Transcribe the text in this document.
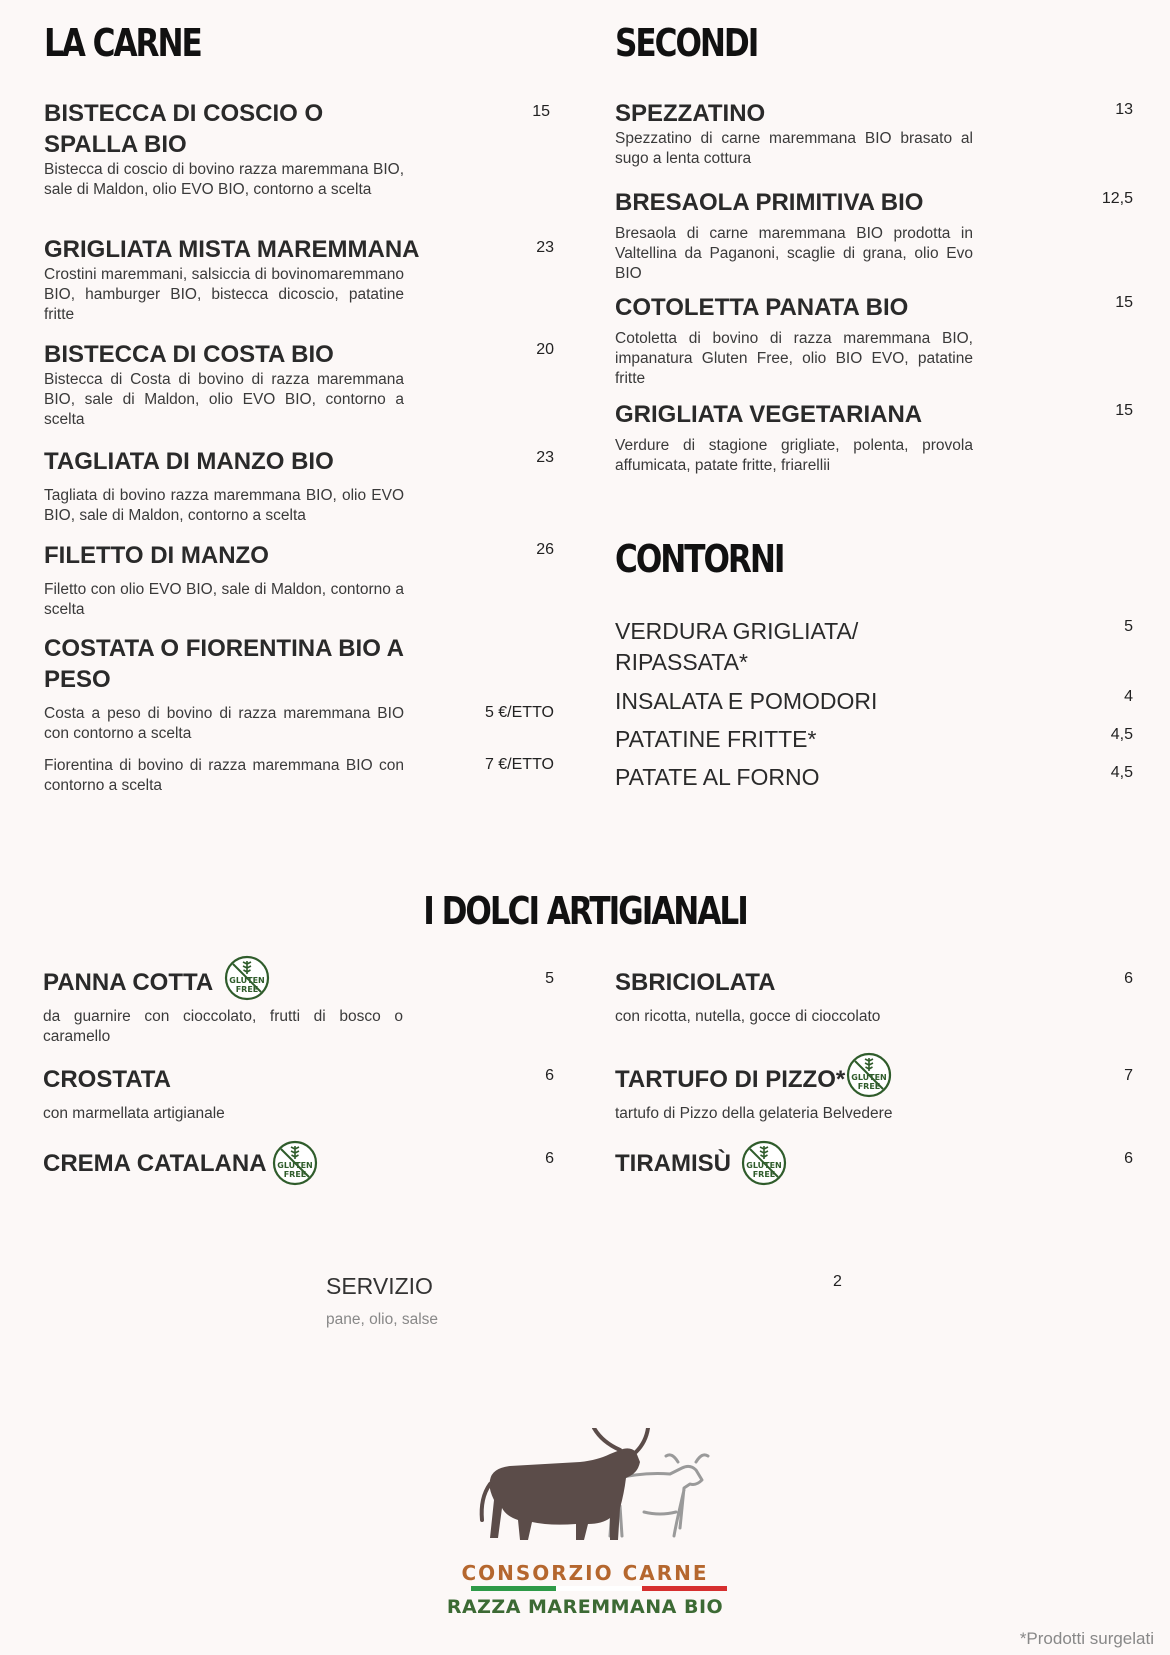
LA CARNE
BISTECCA DI COSCIO O SPALLA BIO
Bistecca di coscio di bovino razza maremmana BIO, sale di Maldon, olio EVO BIO, contorno a scelta
15
GRIGLIATA MISTA MAREMMANA
Crostini maremmani, salsiccia di bovinomaremmano BIO, hamburger BIO, bistecca dicoscio, patatine fritte
23
BISTECCA DI COSTA BIO
Bistecca di Costa di bovino di razza maremmana BIO, sale di Maldon, olio EVO BIO, contorno a scelta
20
TAGLIATA DI MANZO BIO
Tagliata di bovino razza maremmana BIO, olio EVO BIO, sale di Maldon, contorno a scelta
23
FILETTO DI MANZO
Filetto con olio EVO BIO, sale di Maldon, contorno a scelta
26
COSTATA O FIORENTINA BIO A PESO
Costa a peso di bovino di razza maremmana BIO con contorno a scelta
5 €/ETTO
Fiorentina di bovino di razza maremmana BIO con contorno a scelta
7 €/ETTO
SECONDI
SPEZZATINO
Spezzatino di carne maremmana BIO brasato al sugo a lenta cottura
13
BRESAOLA PRIMITIVA BIO
Bresaola di carne maremmana BIO prodotta in Valtellina da Paganoni, scaglie di grana, olio Evo BIO
12,5
COTOLETTA PANATA BIO
Cotoletta di bovino di razza maremmana BIO, impanatura Gluten Free, olio BIO EVO, patatine fritte
15
GRIGLIATA VEGETARIANA
Verdure di stagione grigliate, polenta, provola affumicata, patate fritte, friarellii
15
CONTORNI
VERDURA GRIGLIATA/ RIPASSATA*
5
INSALATA E POMODORI	4
PATATINE FRITTE*	4,5
PATATE AL FORNO	4,5
I DOLCI ARTIGIANALI
PANNA COTTA
da guarnire con cioccolato, frutti di bosco o caramello
GLUTEN
FREE
5
CROSTATA
con marmellata artigianale
6
CREMA CATALANA	GLUTEN
FREE
6
SBRICIOLATA
con ricotta, nutella, gocce di cioccolato
6
TARTUFO DI PIZZO*
tartufo di Pizzo della gelateria Belvedere
GLUTEN
FREE
7
TIRAMISÙ	GLUTEN
FREE
6
SERVIZIO
pane, olio, salse
2
CONSORZIO CARNE
RAZZA MAREMMANA BIO
*Prodotti surgelati
